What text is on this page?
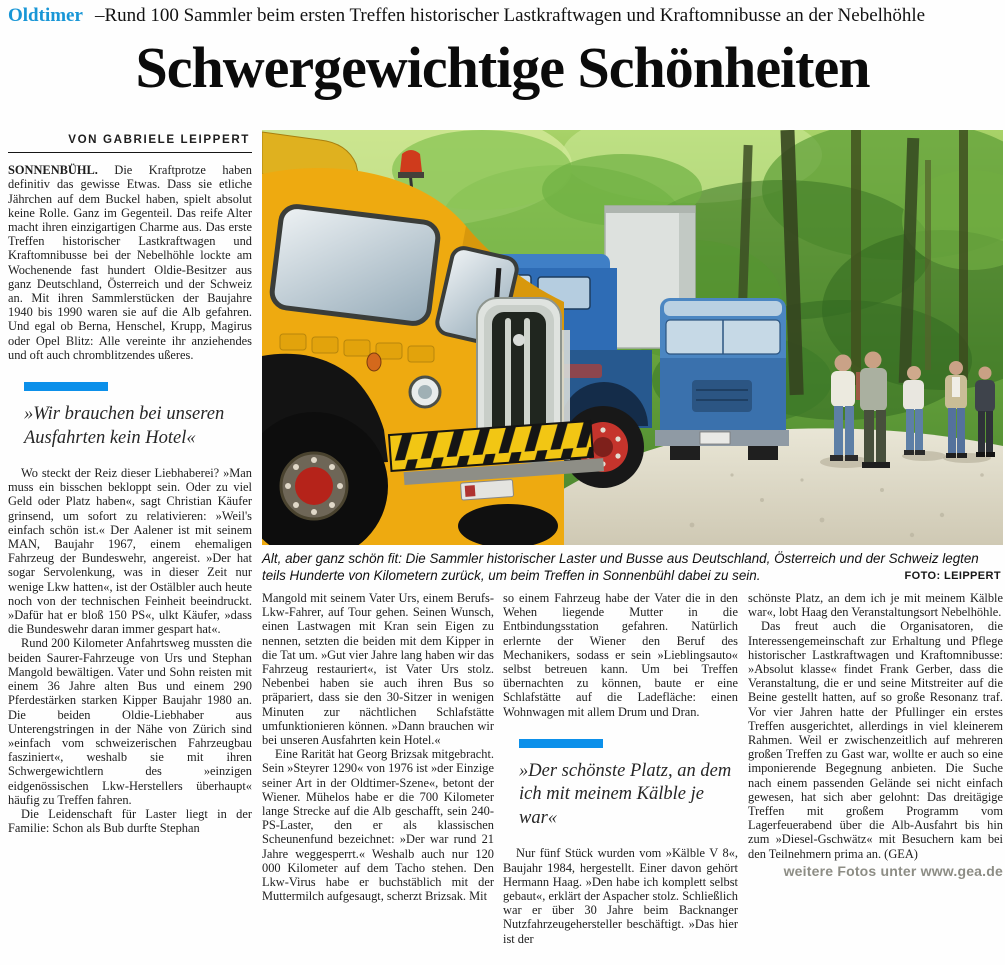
Oldtimer –Rund 100 Sammler beim ersten Treffen historischer Lastkraftwagen und Kraftomnibusse an der Nebelhöhle
Schwergewichtige Schönheiten
VON GABRIELE LEIPPERT

SONNENBÜHL. Die Kraftprotze haben definitiv das gewisse Etwas. Dass sie etliche Jährchen auf dem Buckel haben, spielt absolut keine Rolle. Ganz im Gegenteil. Das reife Alter macht ihren einzigartigen Charme aus. Das erste Treffen historischer Lastkraftwagen und Kraftomnibusse bei der Nebelhöhle lockte am Wochenende fast hundert Oldie-Besitzer aus ganz Deutschland, Österreich und der Schweiz an. Mit ihren Sammlerstücken der Baujahre 1940 bis 1990 waren sie auf die Alb gefahren. Und egal ob Berna, Henschel, Krupp, Magirus oder Opel Blitz: Alle vereinte ihr anziehendes und oft auch chromblitzendes ußeres.

»Wir brauchen bei unseren Ausfahrten kein Hotel«

Wo steckt der Reiz dieser Liebhaberei? »Man muss ein bisschen bekloppt sein. Oder zu viel Geld oder Platz haben«, sagt Christian Käufer grinsend, um sofort zu relativieren: »Weil's einfach schön ist.« Der Aalener ist mit seinem MAN, Baujahr 1967, einem ehemaligen Fahrzeug der Bundeswehr, angereist. »Der hat sogar Servolenkung, was in dieser Zeit nur wenige Lkw hatten«, ist der Ostälbler auch heute noch von der technischen Feinheit beeindruckt. »Dafür hat er bloß 150 PS«, ulkt Käufer, »dass die Bundeswehr daran immer gespart hat«.

Rund 200 Kilometer Anfahrtsweg mussten die beiden Saurer-Fahrzeuge von Urs und Stephan Mangold bewältigen. Vater und Sohn reisten mit einem 36 Jahre alten Bus und einem 290 Pferdestärken starken Kipper Baujahr 1980 an. Die beiden Oldie-Liebhaber aus Unterengstringen in der Nähe von Zürich sind »einfach vom schweizerischen Fahrzeugbau fasziniert«, weshalb sie mit ihren Schwergewichtlern des »einzigen eidgenössischen Lkw-Herstellers überhaupt« häufig zu Treffen fahren.

Die Leidenschaft für Laster liegt in der Familie: Schon als Bub durfte Stephan

Alt, aber ganz schön fit: Die Sammler historischer Laster und Busse aus Deutschland, Österreich und der Schweiz legten teils Hunderte von Kilometern zurück, um beim Treffen in Sonnenbühl dabei zu sein.	FOTO: LEIPPERT

Mangold mit seinem Vater Urs, einem Berufs-Lkw-Fahrer, auf Tour gehen. Seinen Wunsch, einen Lastwagen mit Kran sein Eigen zu nennen, setzten die beiden mit dem Kipper in die Tat um. »Gut vier Jahre lang haben wir das Fahrzeug restauriert«, ist Vater Urs stolz. Nebenbei haben sie auch ihren Bus so präpariert, dass sie den 30-Sitzer in wenigen Minuten zur nächtlichen Schlafstätte umfunktionieren können. »Dann brauchen wir bei unseren Ausfahrten kein Hotel.«

Eine Rarität hat Georg Brizsak mitgebracht. Sein »Steyrer 1290« von 1976 ist »der Einzige seiner Art in der Oldtimer-Szene«, betont der Wiener. Mühelos habe er die 700 Kilometer lange Strecke auf die Alb geschafft, sein 240-PS-Laster, den er als klassischen Scheunenfund bezeichnet: »Der war rund 21 Jahre weggesperrt.« Weshalb auch nur 120 000 Kilometer auf dem Tacho stehen. Den Lkw-Virus habe er buchstäblich mit der Muttermilch aufgesaugt, scherzt Brizsak. Mit

so einem Fahrzeug habe der Vater die in den Wehen liegende Mutter in die Entbindungsstation gefahren. Natürlich erlernte der Wiener den Beruf des Mechanikers, sodass er sein »Lieblingsauto« selbst betreuen kann. Um bei Treffen übernachten zu können, baute er eine Schlafstätte auf die Ladefläche: einen Wohnwagen mit allem Drum und Dran.

»Der schönste Platz, an dem ich mit meinem Kälble je war«

Nur fünf Stück wurden vom »Kälble V 8«, Baujahr 1984, hergestellt. Einer davon gehört Hermann Haag. »Den habe ich komplett selbst gebaut«, erklärt der Aspacher stolz. Schließlich war er über 30 Jahre beim Backnanger Nutzfahrzeugehersteller beschäftigt. »Das hier ist der

schönste Platz, an dem ich je mit meinem Kälble war«, lobt Haag den Veranstaltungsort Nebelhöhle.

Das freut auch die Organisatoren, die Interessengemeinschaft zur Erhaltung und Pflege historischer Lastkraftwagen und Kraftomnibusse: »Absolut klasse« findet Frank Gerber, dass die Veranstaltung, die er und seine Mitstreiter auf die Beine gestellt hatten, auf so große Resonanz traf. Vor vier Jahren hatte der Pfullinger ein erstes Treffen ausgerichtet, allerdings in viel kleinerem Rahmen. Weil er zwischenzeitlich auf mehreren großen Treffen zu Gast war, wollte er auch so eine imponierende Begegnung anbieten. Die Suche nach einem passenden Gelände sei nicht einfach gewesen, hat sich aber gelohnt: Das dreitägige Treffen mit großem Programm vom Lagerfeuerabend über die Alb-Ausfahrt bis hin zum »Diesel-Gschwätz« mit Besuchern kam bei den Teilnehmern prima an. (GEA)

weitere Fotos unter www.gea.de
